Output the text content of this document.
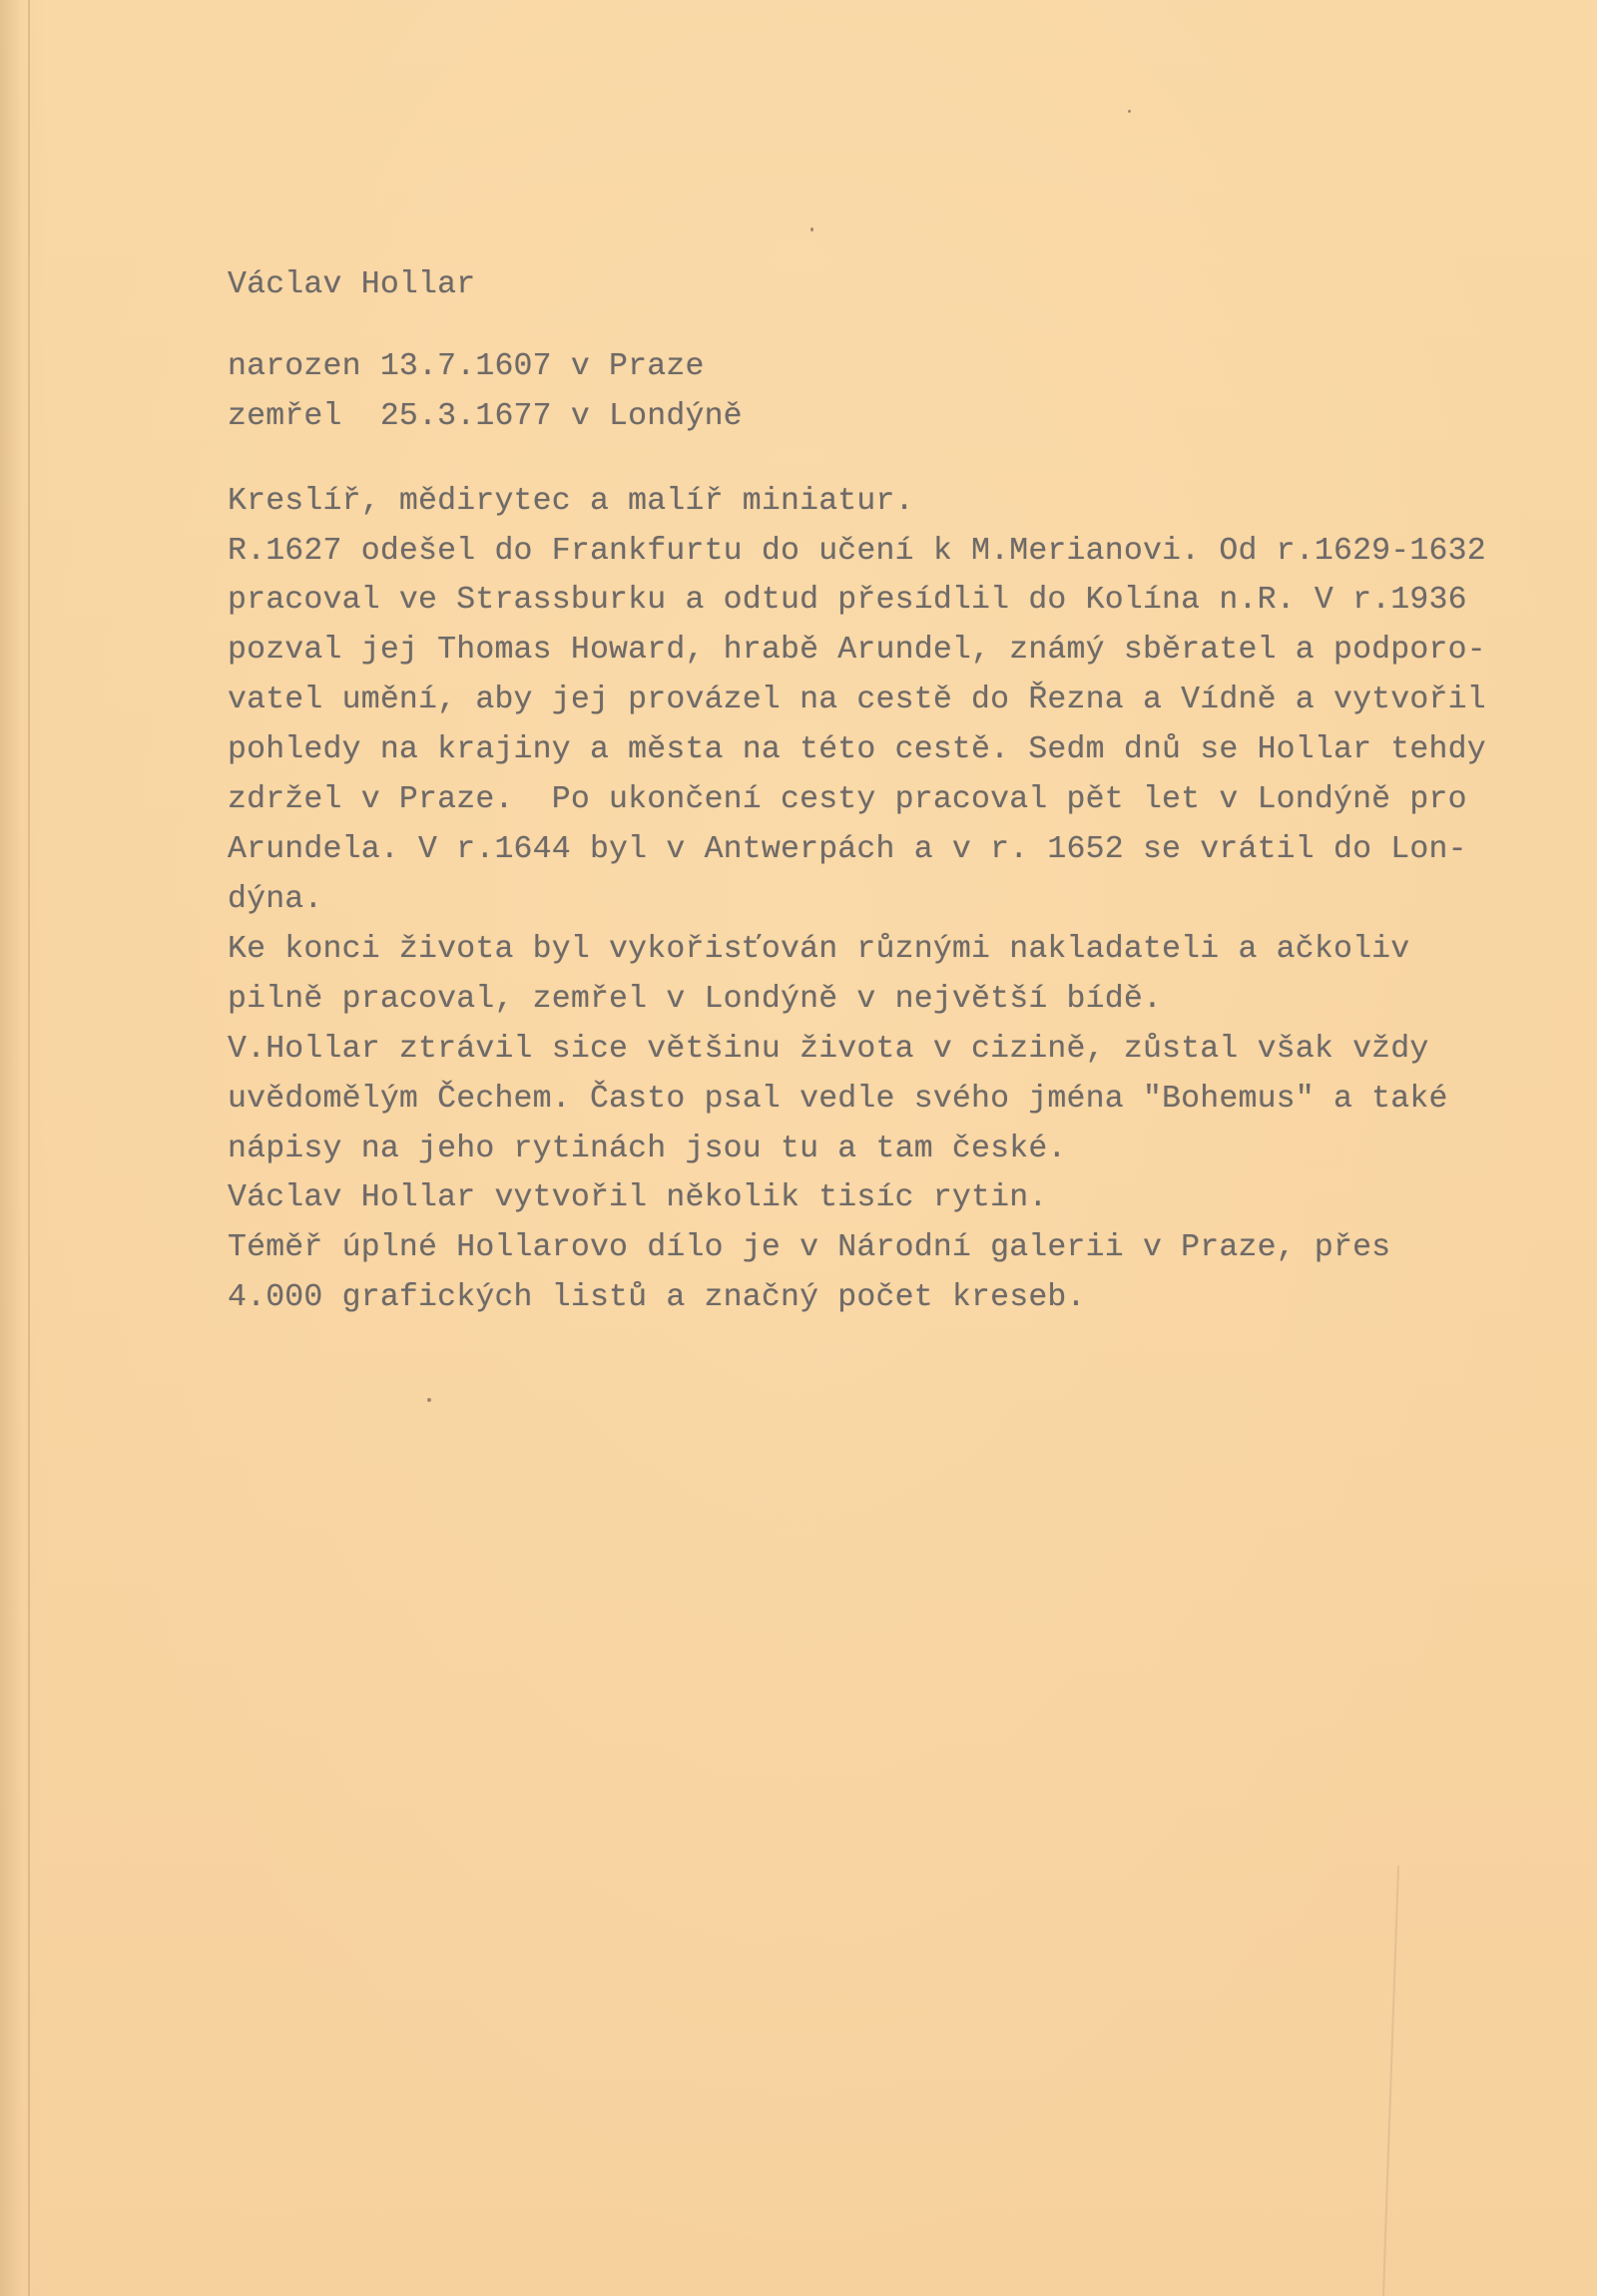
Václav Hollar
narozen 13.7.1607 v Praze
zemřel  25.3.1677 v Londýně
Kreslíř, mědirytec a malíř miniatur.
R.1627 odešel do Frankfurtu do učení k M.Merianovi. Od r.1629-1632
pracoval ve Strassburku a odtud přesídlil do Kolína n.R. V r.1936
pozval jej Thomas Howard, hrabě Arundel, známý sběratel a podporo-
vatel umění, aby jej provázel na cestě do Řezna a Vídně a vytvořil
pohledy na krajiny a města na této cestě. Sedm dnů se Hollar tehdy
zdržel v Praze.  Po ukončení cesty pracoval pět let v Londýně pro
Arundela. V r.1644 byl v Antwerpách a v r. 1652 se vrátil do Lon-
dýna.
Ke konci života byl vykořisťován různými nakladateli a ačkoliv
pilně pracoval, zemřel v Londýně v největší bídě.
V.Hollar ztrávil sice většinu života v cizině, zůstal však vždy
uvědomělým Čechem. Často psal vedle svého jména "Bohemus" a také
nápisy na jeho rytinách jsou tu a tam české.
Václav Hollar vytvořil několik tisíc rytin.
Téměř úplné Hollarovo dílo je v Národní galerii v Praze, přes
4.000 grafických listů a značný počet kreseb.
